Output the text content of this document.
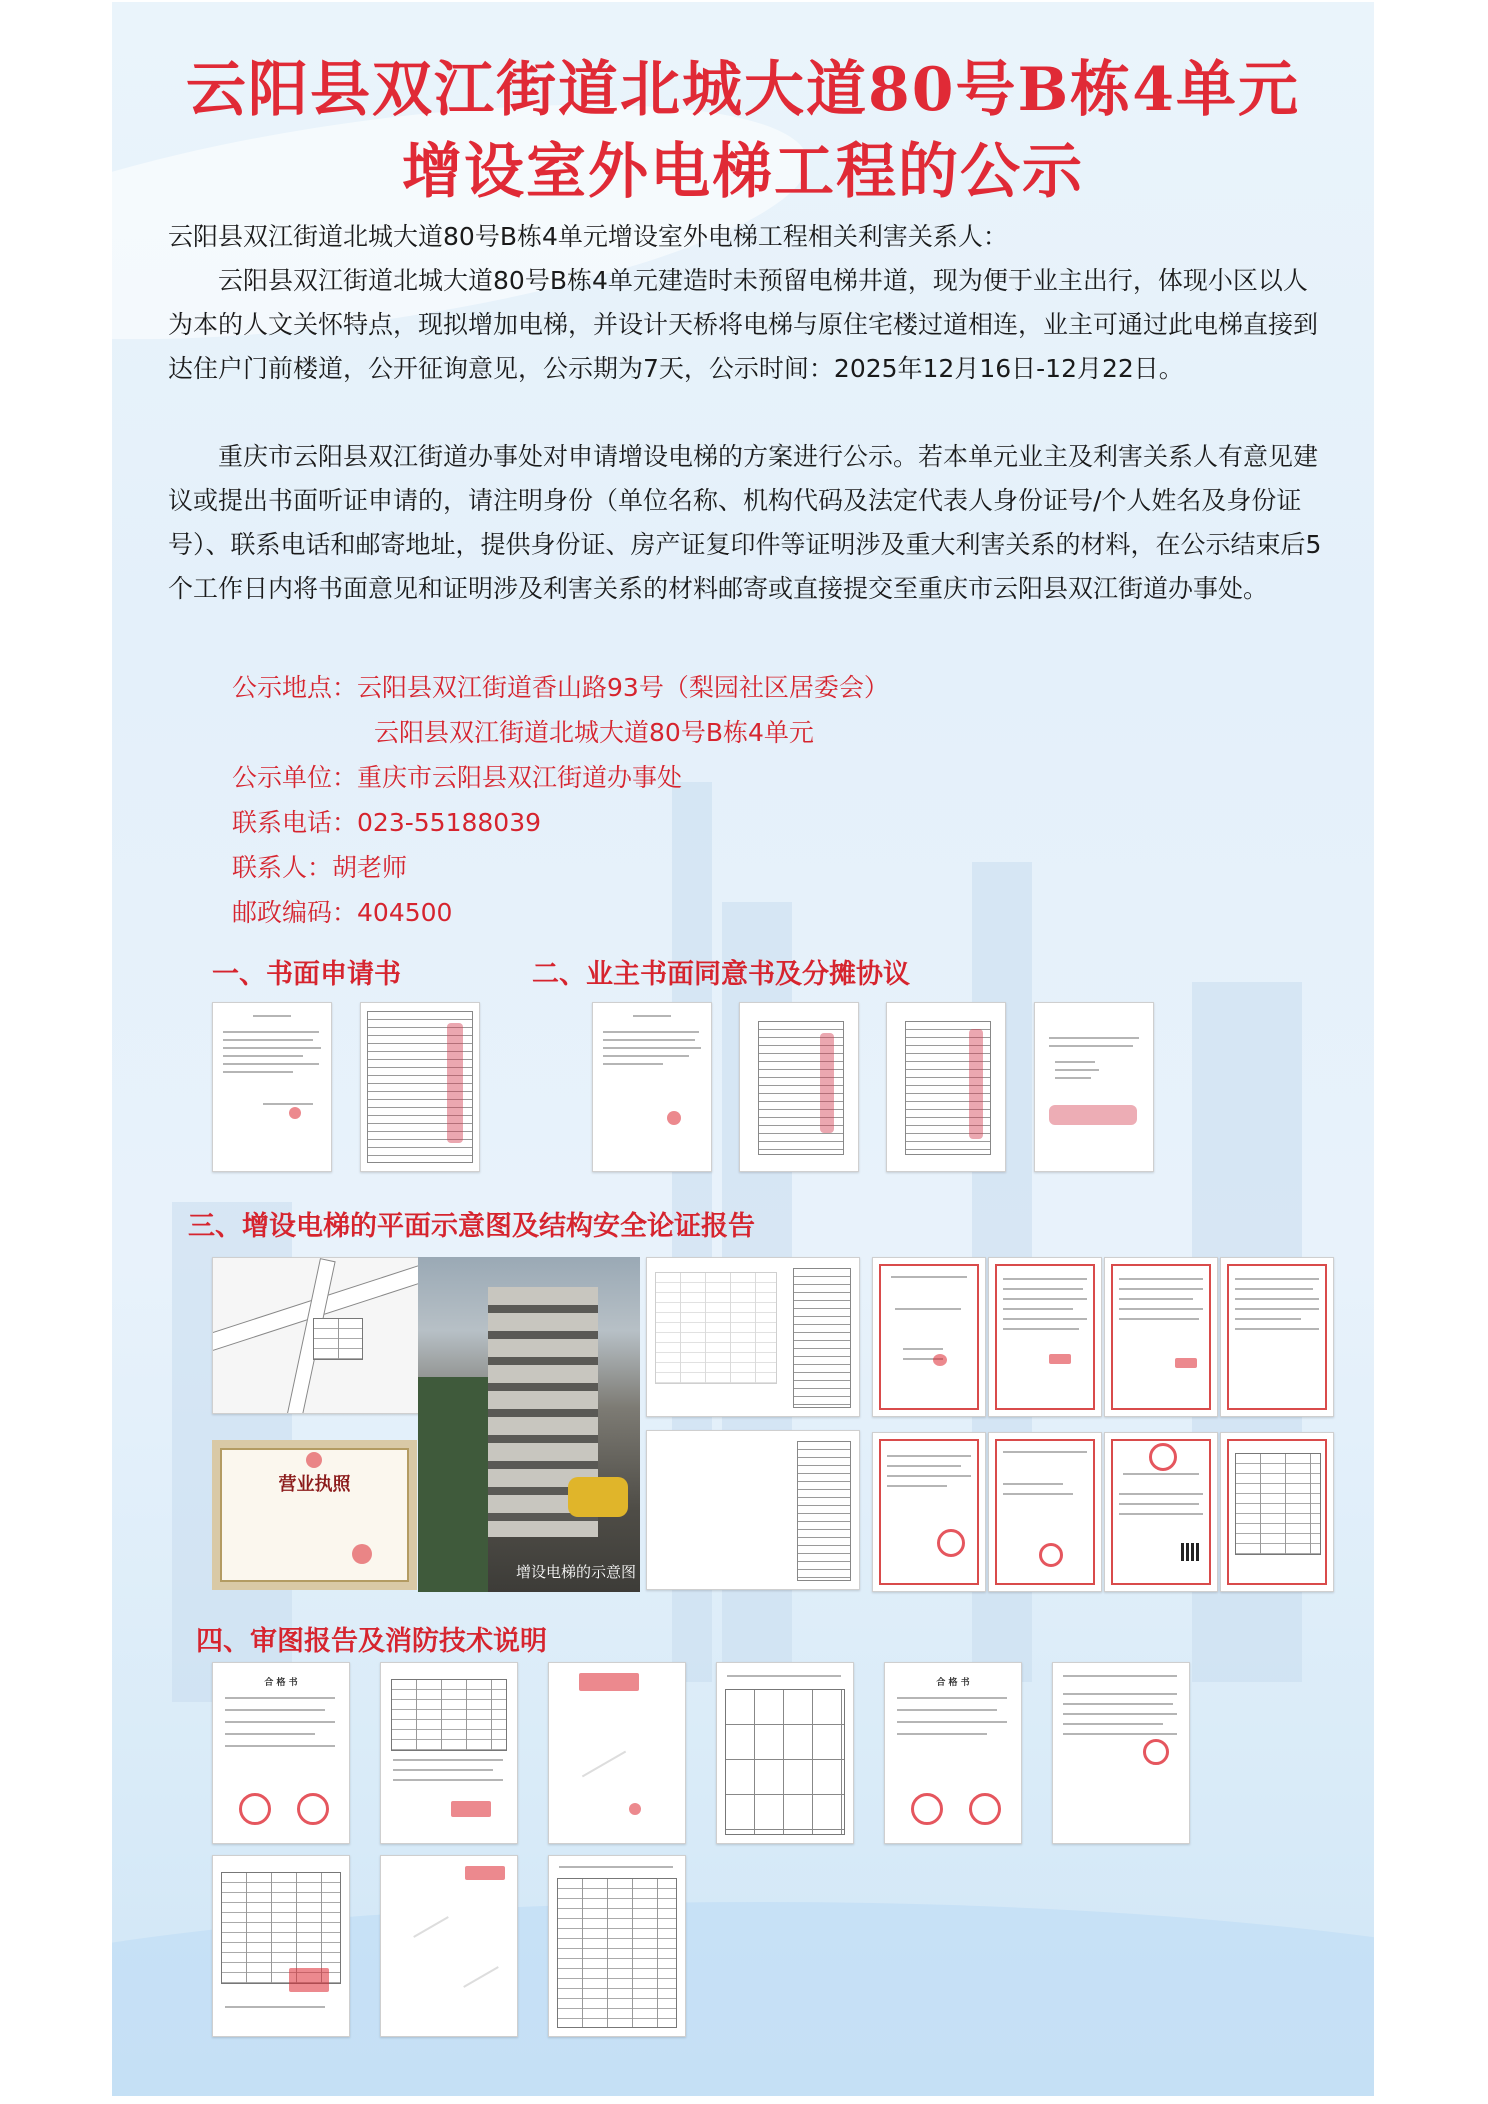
云阳县双江街道北城大道80号B栋4单元
增设室外电梯工程的公示

云阳县双江街道北城大道80号B栋4单元增设室外电梯工程相关利害关系人：

云阳县双江街道北城大道80号B栋4单元建造时未预留电梯井道，现为便于业主出行，体现小区以人为本的人文关怀特点，现拟增加电梯，并设计天桥将电梯与原住宅楼过道相连，业主可通过此电梯直接到达住户门前楼道，公开征询意见，公示期为7天，公示时间：2025年12月16日-12月22日。

重庆市云阳县双江街道办事处对申请增设电梯的方案进行公示。若本单元业主及利害关系人有意见建议或提出书面听证申请的，请注明身份（单位名称、机构代码及法定代表人身份证号/个人姓名及身份证号）、联系电话和邮寄地址，提供身份证、房产证复印件等证明涉及重大利害关系的材料，在公示结束后5个工作日内将书面意见和证明涉及利害关系的材料邮寄或直接提交至重庆市云阳县双江街道办事处。

公示地点：云阳县双江街道香山路93号（梨园社区居委会）
云阳县双江街道北城大道80号B栋4单元
公示单位：重庆市云阳县双江街道办事处
联系电话：023-55188039
联系人：胡老师
邮政编码：404500
一、书面申请书	二、业主书面同意书及分摊协议
三、增设电梯的平面示意图及结构安全论证报告
增设电梯的示意图
营业执照
四、审图报告及消防技术说明
合 格 书	合 格 书
